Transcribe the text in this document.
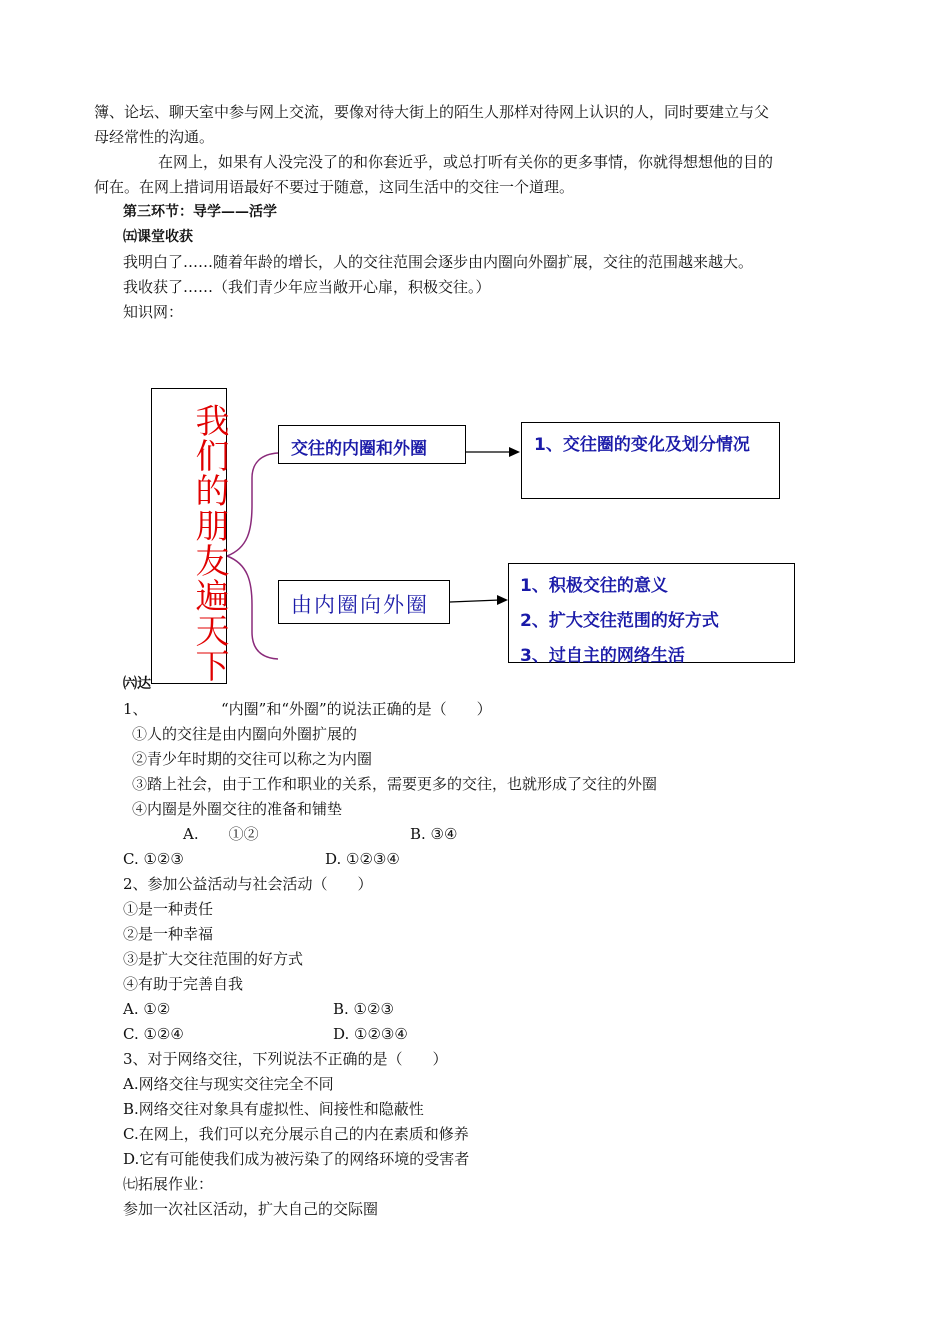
簿、论坛、聊天室中参与网上交流，要像对待大街上的陌生人那样对待网上认识的人，同时要建立与父
母经常性的沟通。
在网上，如果有人没完没了的和你套近乎，或总打听有关你的更多事情，你就得想想他的目的
何在。在网上措词用语最好不要过于随意，这同生活中的交往一个道理。
第三环节：导学——活学
㈤课堂收获
我明白了……随着年龄的增长，人的交往范围会逐步由内圈向外圈扩展，交往的范围越来越大。
我收获了……（我们青少年应当敞开心扉，积极交往。）
知识网：
我们的朋友遍天下	交往的内圈和外圈	1、交往圈的变化及划分情况
由内圈向外圈
1、积极交往的意义
2、扩大交往范围的好方式
3、过自主的网络生活
㈥达
1、	“内圈”和“外圈”的说法正确的是（　　）
①人的交往是由内圈向外圈扩展的
②青少年时期的交往可以称之为内圈
③踏上社会，由于工作和职业的关系，需要更多的交往，也就形成了交往的外圈
④内圈是外圈交往的准备和铺垫
A.　　①②	B. ③④
C. ①②③	D. ①②③④
2、参加公益活动与社会活动（　　）
①是一种责任
②是一种幸福
③是扩大交往范围的好方式
④有助于完善自我
A. ①②	B. ①②③
C. ①②④	D. ①②③④
3、对于网络交往，下列说法不正确的是（　　）
A.网络交往与现实交往完全不同
B.网络交往对象具有虚拟性、间接性和隐蔽性
C.在网上，我们可以充分展示自己的内在素质和修养
D.它有可能使我们成为被污染了的网络环境的受害者
㈦拓展作业：
参加一次社区活动，扩大自己的交际圈
